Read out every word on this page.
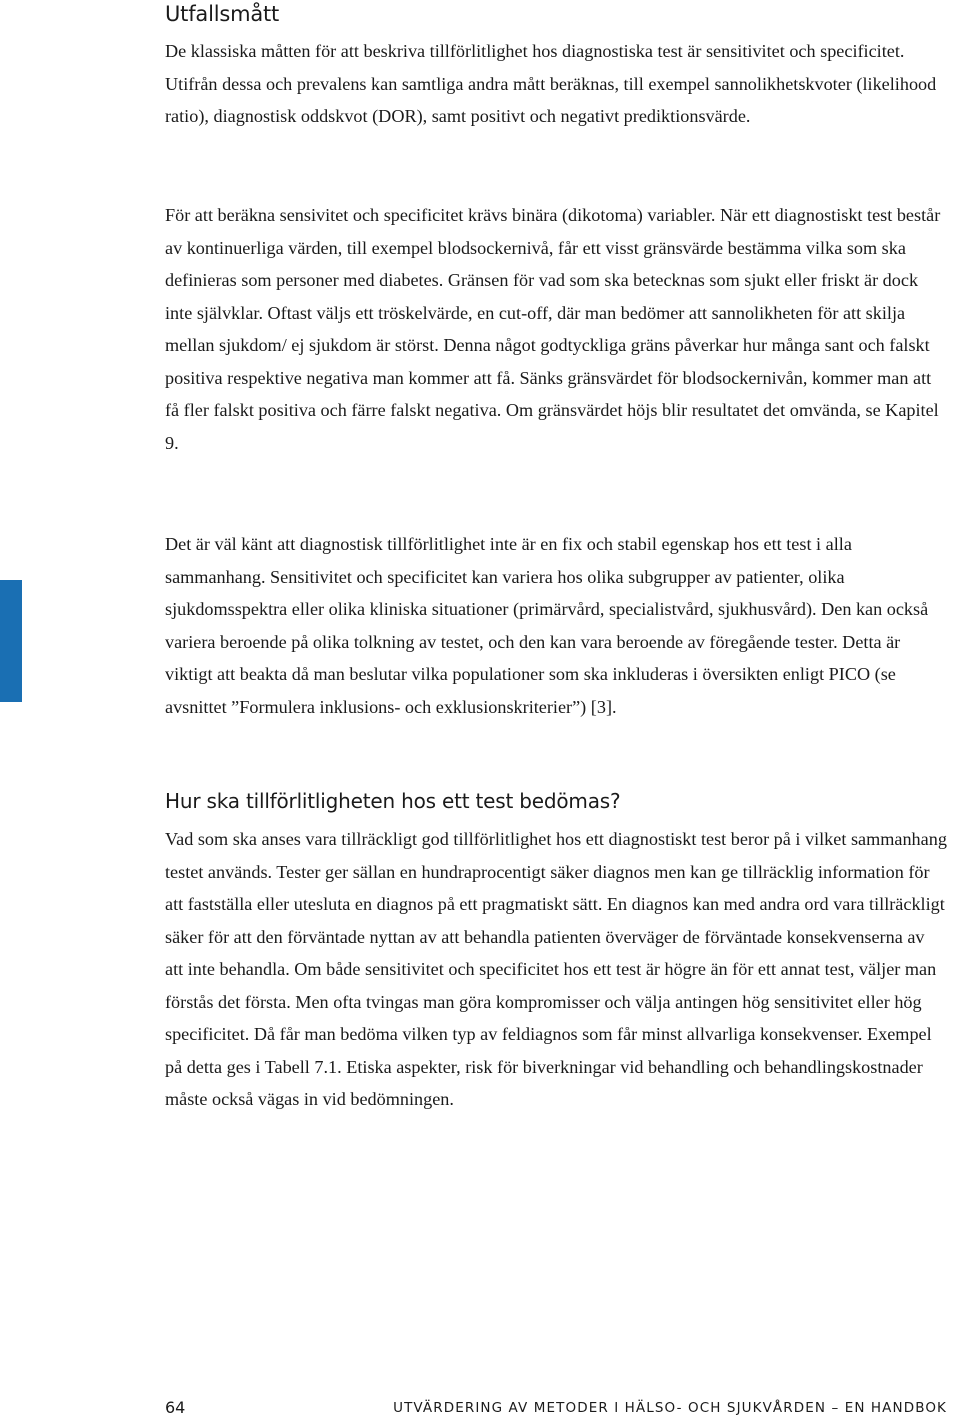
Utfallsmått

De klassiska måtten för att beskriva tillförlitlighet hos diagnostiska test är sensitivitet och specificitet. Utifrån dessa och prevalens kan samtliga andra mått beräknas, till exempel sannolikhetskvoter (likelihood ratio), diagnostisk oddskvot (DOR), samt positivt och negativt prediktionsvärde.

För att beräkna sensivitet och specificitet krävs binära (dikotoma) variabler. När ett diagnostiskt test består av kontinuerliga värden, till exempel blodsockernivå, får ett visst gränsvärde bestämma vilka som ska definieras som personer med diabetes. Gränsen för vad som ska betecknas som sjukt eller friskt är dock inte självklar. Oftast väljs ett tröskelvärde, en cut-off, där man bedömer att sannolikheten för att skilja mellan sjukdom/ ej sjukdom är störst. Denna något godtyckliga gräns påverkar hur många sant och falskt positiva respektive negativa man kommer att få. Sänks gränsvärdet för blodsockernivån, kommer man att få fler falskt positiva och färre falskt negativa. Om gränsvärdet höjs blir resultatet det omvända, se Kapitel 9.

Det är väl känt att diagnostisk tillförlitlighet inte är en fix och stabil egenskap hos ett test i alla sammanhang. Sensitivitet och specificitet kan variera hos olika subgrupper av patienter, olika sjukdomsspektra eller olika kliniska situationer (primärvård, specialistvård, sjukhusvård). Den kan också variera beroende på olika tolkning av testet, och den kan vara beroende av föregående tester. Detta är viktigt att beakta då man beslutar vilka populationer som ska inkluderas i översikten enligt PICO (se avsnittet ”Formulera inklusions- och exklusionskriterier”) [3].

Hur ska tillförlitligheten hos ett test bedömas?

Vad som ska anses vara tillräckligt god tillförlitlighet hos ett diagnostiskt test beror på i vilket sammanhang testet används. Tester ger sällan en hundraprocentigt säker diagnos men kan ge tillräcklig information för att fastställa eller utesluta en diagnos på ett pragmatiskt sätt. En diagnos kan med andra ord vara tillräckligt säker för att den förväntade nyttan av att behandla patienten överväger de förväntade konsekvenserna av att inte behandla. Om både sensitivitet och specificitet hos ett test är högre än för ett annat test, väljer man förstås det första. Men ofta tvingas man göra kompromisser och välja antingen hög sensitivitet eller hög specificitet. Då får man bedöma vilken typ av feldiagnos som får minst allvarliga konsekvenser. Exempel på detta ges i Tabell 7.1. Etiska aspekter, risk för biverkningar vid behandling och behandlingskostnader måste också vägas in vid bedömningen.

64	UTVÄRDERING AV METODER I HÄLSO- OCH SJUKVÅRDEN – EN HANDBOK
